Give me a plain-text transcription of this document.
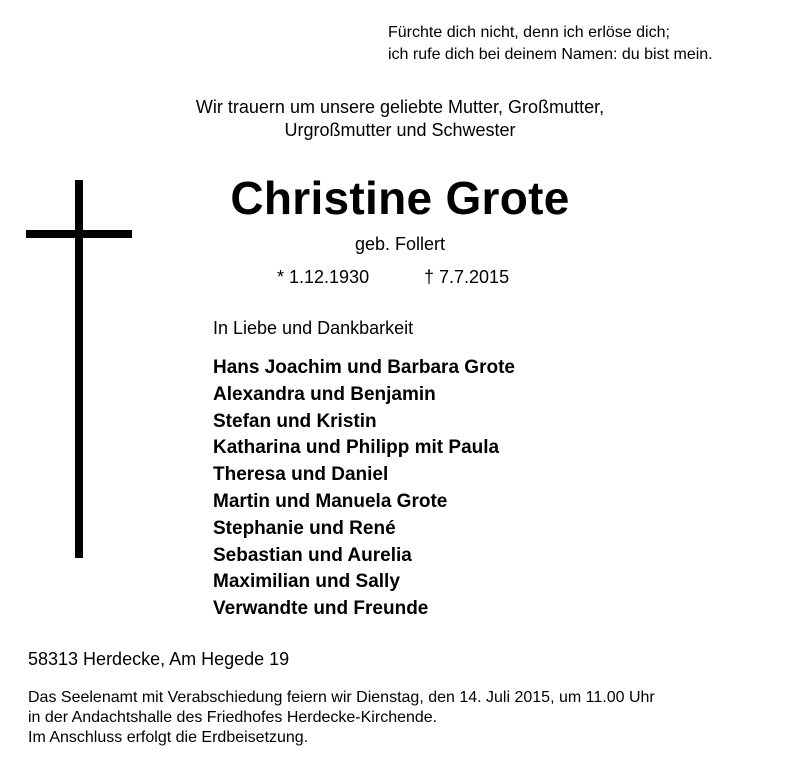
Fürchte dich nicht, denn ich erlöse dich;
ich rufe dich bei deinem Namen: du bist mein.
Wir trauern um unsere geliebte Mutter, Großmutter,
Urgroßmutter und Schwester
Christine Grote
geb. Follert
* 1.12.1930	† 7.7.2015
In Liebe und Dankbarkeit
Hans Joachim und Barbara Grote
Alexandra und Benjamin
Stefan und Kristin
Katharina und Philipp mit Paula
Theresa und Daniel
Martin und Manuela Grote
Stephanie und René
Sebastian und Aurelia
Maximilian und Sally
Verwandte und Freunde
58313 Herdecke, Am Hegede 19
Das Seelenamt mit Verabschiedung feiern wir Dienstag, den 14. Juli 2015, um 11.00 Uhr
in der Andachtshalle des Friedhofes Herdecke-Kirchende.
Im Anschluss erfolgt die Erdbeisetzung.
